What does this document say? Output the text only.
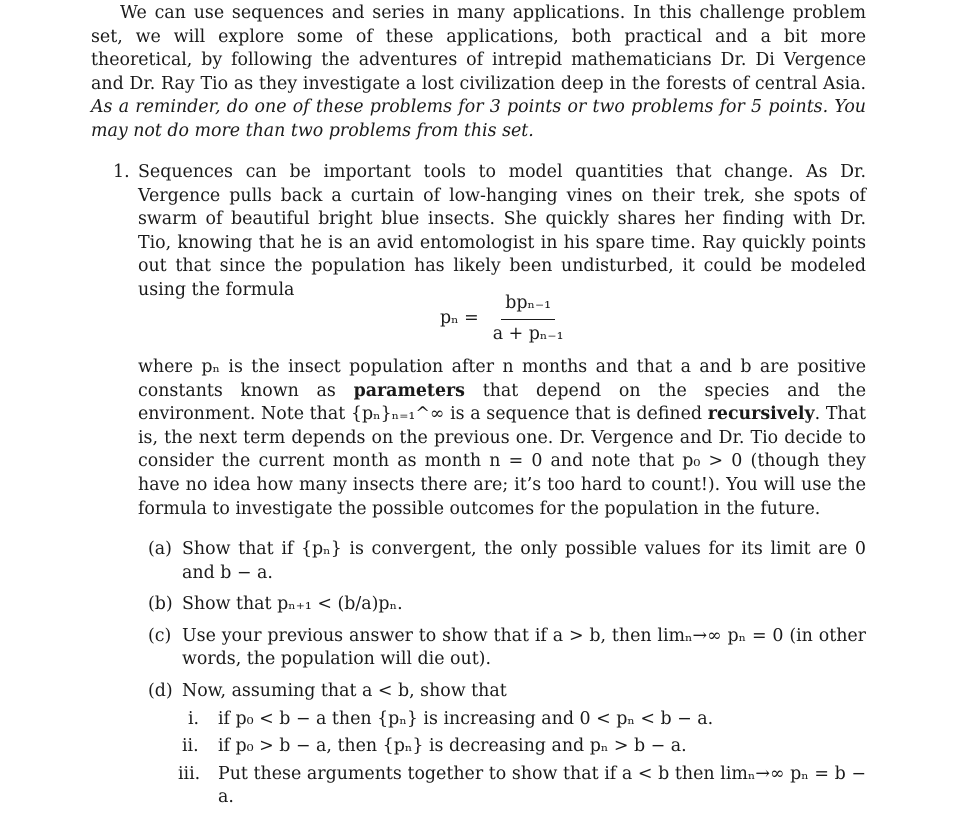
We can use sequences and series in many applications. In this challenge problem set, we will explore some of these applications, both practical and a bit more theoretical, by following the adventures of intrepid mathematicians Dr. Di Vergence and Dr. Ray Tio as they investigate a lost civilization deep in the forests of central Asia. As a reminder, do one of these problems for 3 points or two problems for 5 points. You may not do more than two problems from this set.

1. Sequences can be important tools to model quantities that change. As Dr. Vergence pulls back a curtain of low-hanging vines on their trek, she spots of swarm of beautiful bright blue insects. She quickly shares her finding with Dr. Tio, knowing that he is an avid entomologist in his spare time. Ray quickly points out that since the population has likely been undisturbed, it could be modeled using the formula

$p_n = \frac{\text{bpₙ₋₁}}{\text{a + pₙ₋₁}}$

where pₙ is the insect population after n months and that a and b are positive constants known as parameters that depend on the species and the environment. Note that {pₙ}ₙ₌₁^∞ is a sequence that is defined recursively. That is, the next term depends on the previous one. Dr. Vergence and Dr. Tio decide to consider the current month as month n = 0 and note that p₀ > 0 (though they have no idea how many insects there are; it’s too hard to count!). You will use the formula to investigate the possible outcomes for the population in the future.

(a) Show that if {pₙ} is convergent, the only possible values for its limit are 0 and b − a.
(b) Show that pₙ₊₁ < (b/a)pₙ.
(c) Use your previous answer to show that if a > b, then limₙ→∞ pₙ = 0 (in other words, the population will die out).
(d) Now, assuming that a < b, show that
i. if p₀ < b − a then {pₙ} is increasing and 0 < pₙ < b − a.
ii. if p₀ > b − a, then {pₙ} is decreasing and pₙ > b − a.
iii. Put these arguments together to show that if a < b then limₙ→∞ pₙ = b − a.
